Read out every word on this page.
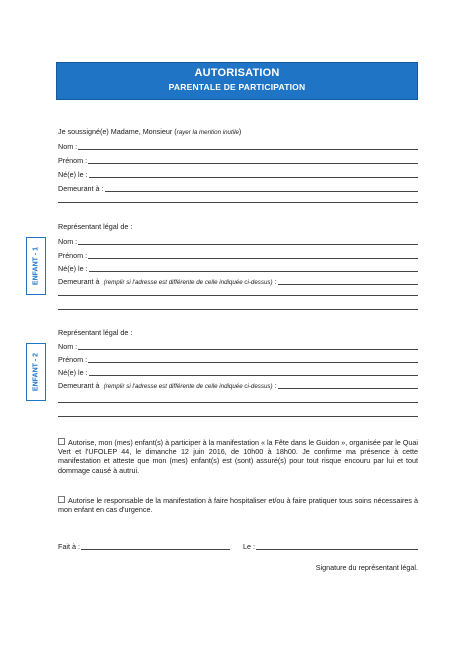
AUTORISATION
PARENTALE DE PARTICIPATION
Je soussigné(e) Madame, Monsieur (rayer la mention inutile)
Nom :
Prénom :
Né(e) le :
Demeurant à :
ENFANT - 1
Représentant légal de :
Nom :
Prénom :
Né(e) le :
Demeurant à (remplir si l'adresse est différente de celle indiquée ci-dessus) :
ENFANT - 2
Représentant légal de :
Nom :
Prénom :
Né(e) le :
Demeurant à (remplir si l'adresse est différente de celle indiquée ci-dessus) :
Autorise, mon (mes) enfant(s) à participer à la manifestation « la Fête dans le Guidon », organisée par le Quai Vert et l'UFOLEP 44, le dimanche 12 juin 2016, de 10h00 à 18h00. Je confirme ma présence à cette manifestation et atteste que mon (mes) enfant(s) est (sont) assuré(s) pour tout risque encouru par lui et tout dommage causé à autrui.
Autorise le responsable de la manifestation à faire hospitaliser et/ou à faire pratiquer tous soins nécessaires à mon enfant en cas d'urgence.
Fait à :	Le :
Signature du représentant légal.
